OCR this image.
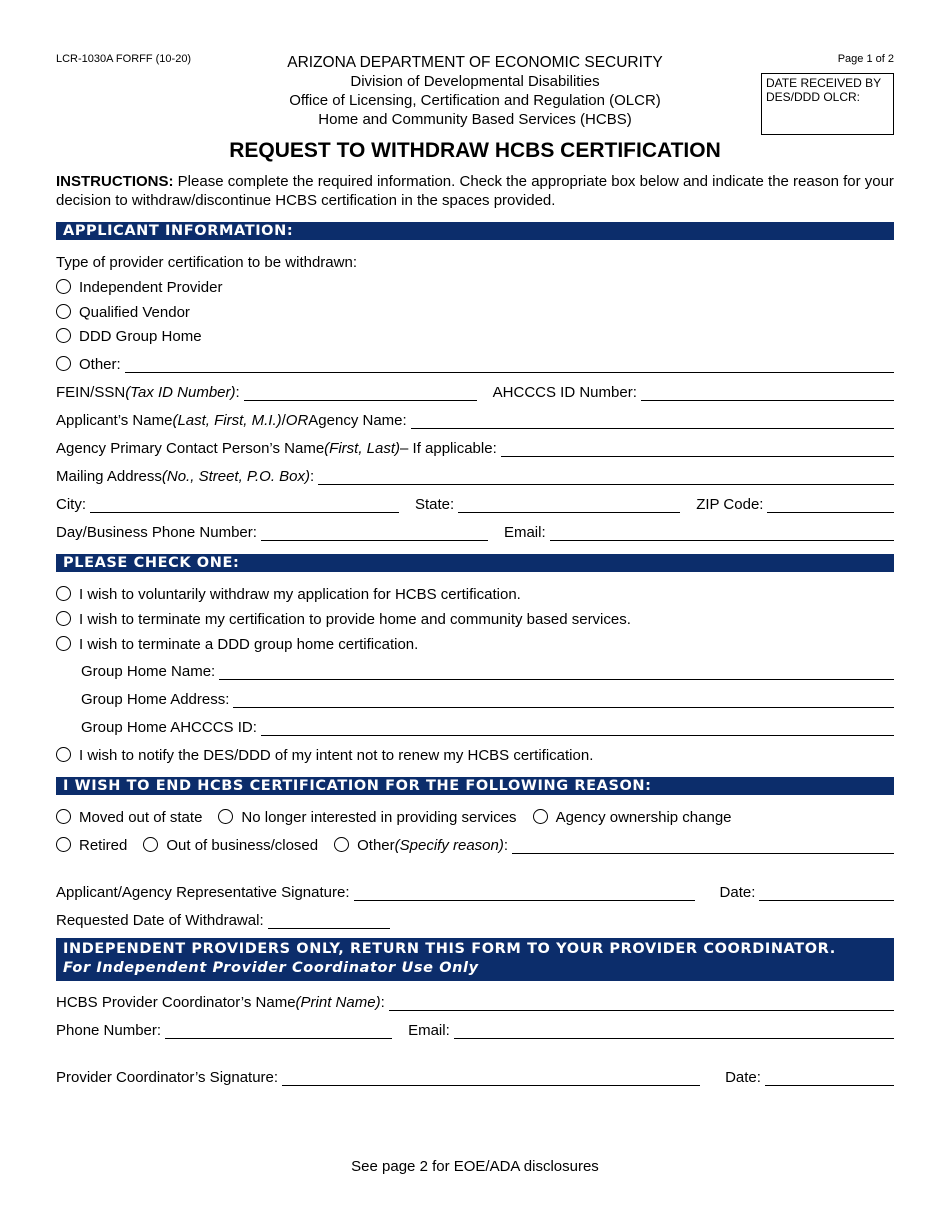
LCR-1030A FORFF (10-20)	Page 1 of 2
ARIZONA DEPARTMENT OF ECONOMIC SECURITY
Division of Developmental Disabilities
Office of Licensing, Certification and Regulation (OLCR)
Home and Community Based Services (HCBS)
DATE RECEIVED BY DES/DDD OLCR:
REQUEST TO WITHDRAW HCBS CERTIFICATION
INSTRUCTIONS: Please complete the required information. Check the appropriate box below and indicate the reason for your decision to withdraw/discontinue HCBS certification in the spaces provided.
APPLICANT INFORMATION:
Type of provider certification to be withdrawn:
Independent Provider
Qualified Vendor
DDD Group Home
Other:
FEIN/SSN (Tax ID Number) :	AHCCCS ID Number:
Applicant’s Name (Last, First, M.I.) / OR Agency Name:
Agency Primary Contact Person’s Name (First, Last) – If applicable:
Mailing Address (No., Street, P.O. Box) :
City:	State:	ZIP Code:
Day/Business Phone Number:	Email:
PLEASE CHECK ONE:
I wish to voluntarily withdraw my application for HCBS certification.
I wish to terminate my certification to provide home and community based services.
I wish to terminate a DDD group home certification.
Group Home Name:
Group Home Address:
Group Home AHCCCS ID:
I wish to notify the DES/DDD of my intent not to renew my HCBS certification.
I WISH TO END HCBS CERTIFICATION FOR THE FOLLOWING REASON:
Moved out of state	No longer interested in providing services	Agency ownership change
Retired	Out of business/closed	Other (Specify reason) :
Applicant/Agency Representative Signature:	Date:
Requested Date of Withdrawal:
INDEPENDENT PROVIDERS ONLY, RETURN THIS FORM TO YOUR PROVIDER COORDINATOR.
For Independent Provider Coordinator Use Only
HCBS Provider Coordinator’s Name (Print Name) :
Phone Number:	Email:
Provider Coordinator’s Signature:	Date:
See page 2 for EOE/ADA disclosures
